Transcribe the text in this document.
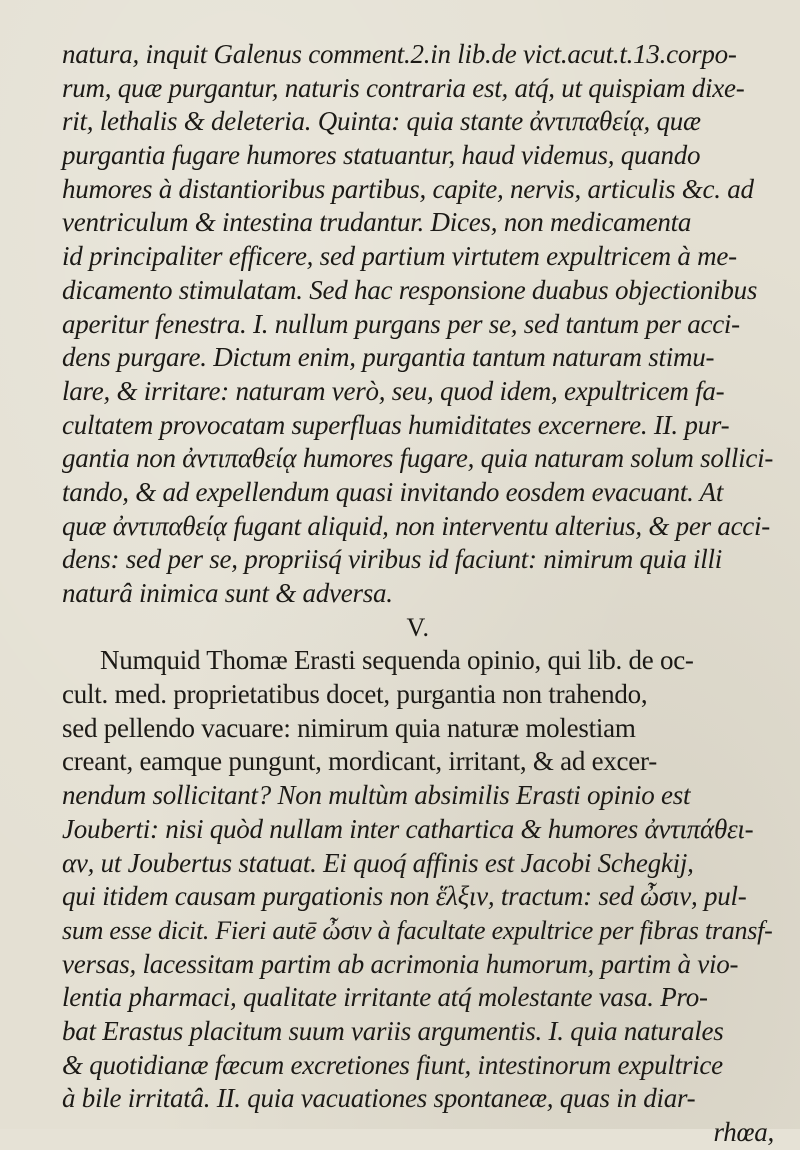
natura, inquit Galenus comment.2.in lib.de vict.acut.t.13.corpo-
rum, quæ purgantur, naturis contraria est, atq́, ut quispiam dixe-
rit, lethalis & deleteria. Quinta: quia stante ἀντιπαθείᾳ, quæ
purgantia fugare humores statuantur, haud videmus, quando
humores à distantioribus partibus, capite, nervis, articulis &c. ad
ventriculum & intestina trudantur. Dices, non medicamenta
id principaliter efficere, sed partium virtutem expultricem à me-
dicamento stimulatam. Sed hac responsione duabus objectionibus
aperitur fenestra. I. nullum purgans per se, sed tantum per acci-
dens purgare. Dictum enim, purgantia tantum naturam stimu-
lare, & irritare: naturam verò, seu, quod idem, expultricem fa-
cultatem provocatam superfluas humiditates excernere. II. pur-
gantia non ἀντιπαθείᾳ humores fugare, quia naturam solum sollici-
tando, & ad expellendum quasi invitando eosdem evacuant. At
quæ ἀντιπαθείᾳ fugant aliquid, non interventu alterius, & per acci-
dens: sed per se, propriisq́ viribus id faciunt: nimirum quia illi
naturâ inimica sunt & adversa.
V.
Numquid Thomæ Erasti sequenda opinio, qui lib. de oc-
cult. med. proprietatibus docet, purgantia non trahendo,
sed pellendo vacuare: nimirum quia naturæ molestiam
creant, eamque pungunt, mordicant, irritant, & ad excer-
nendum sollicitant? Non multùm absimilis Erasti opinio est
Jouberti: nisi quòd nullam inter cathartica & humores ἀντιπάθει-
αν, ut Joubertus statuat. Ei quoq́ affinis est Jacobi Schegkij,
qui itidem causam purgationis non ἕλξιν, tractum: sed ὦσιν, pul-
sum esse dicit. Fieri autē ὦσιν à facultate expultrice per fibras transf-
versas, lacessitam partim ab acrimonia humorum, partim à vio-
lentia pharmaci, qualitate irritante atq́ molestante vasa. Pro-
bat Erastus placitum suum variis argumentis. I. quia naturales
& quotidianæ fæcum excretiones fiunt, intestinorum expultrice
à bile irritatâ. II. quia vacuationes spontaneæ, quas in diar-
rhœa,
